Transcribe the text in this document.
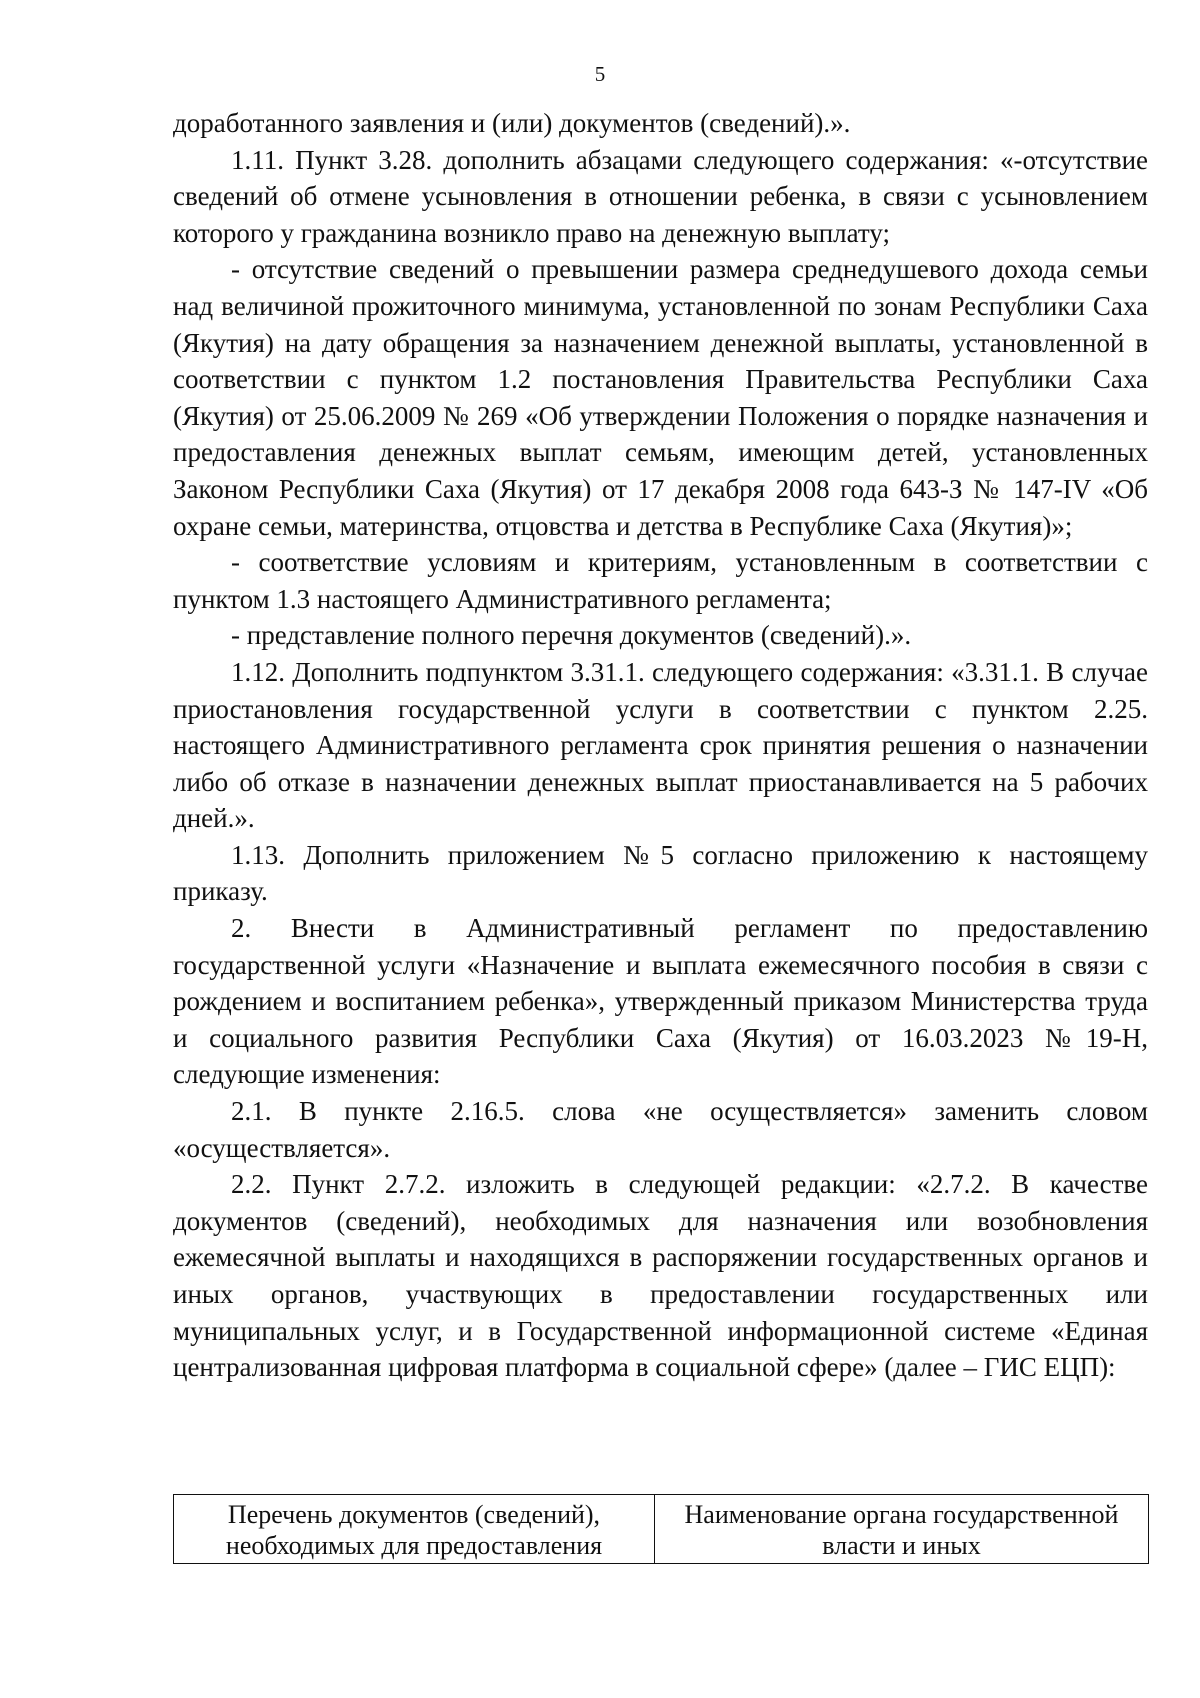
5

доработанного заявления и (или) документов (сведений).».

1.11. Пункт 3.28. дополнить абзацами следующего содержания: «-отсутствие сведений об отмене усыновления в отношении ребенка, в связи с усыновлением которого у гражданина возникло право на денежную выплату;

- отсутствие сведений о превышении размера среднедушевого дохода семьи над величиной прожиточного минимума, установленной по зонам Республики Саха (Якутия) на дату обращения за назначением денежной выплаты, установленной в соответствии с пунктом 1.2 постановления Правительства Республики Саха (Якутия) от 25.06.2009 № 269 «Об утверждении Положения о порядке назначения и предоставления денежных выплат семьям, имеющим детей, установленных Законом Республики Саха (Якутия) от 17 декабря 2008 года 643-З № 147-IV «Об охране семьи, материнства, отцовства и детства в Республике Саха (Якутия)»;

- соответствие условиям и критериям, установленным в соответствии с пунктом 1.3 настоящего Административного регламента;

- представление полного перечня документов (сведений).».

1.12. Дополнить подпунктом 3.31.1. следующего содержания: «3.31.1. В случае приостановления государственной услуги в соответствии с пунктом 2.25. настоящего Административного регламента срок принятия решения о назначении либо об отказе в назначении денежных выплат приостанавливается на 5 рабочих дней.».

1.13. Дополнить приложением №5 согласно приложению к настоящему приказу.

2. Внести в Административный регламент по предоставлению государственной услуги «Назначение и выплата ежемесячного пособия в связи с рождением и воспитанием ребенка», утвержденный приказом Министерства труда и социального развития Республики Саха (Якутия) от 16.03.2023 №19-Н, следующие изменения:

2.1. В пункте 2.16.5. слова «не осуществляется» заменить словом «осуществляется».

2.2. Пункт 2.7.2. изложить в следующей редакции: «2.7.2. В качестве документов (сведений), необходимых для назначения или возобновления ежемесячной выплаты и находящихся в распоряжении государственных органов и иных органов, участвующих в предоставлении государственных или муниципальных услуг, и в Государственной информационной системе «Единая централизованная цифровая платформа в социальной сфере» (далее – ГИС ЕЦП):

Перечень документов (сведений), необходимых для предоставления	Наименование органа государственной власти и иных
